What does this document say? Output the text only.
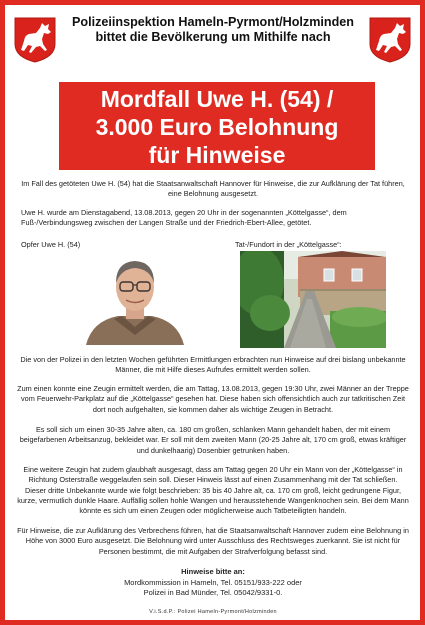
Polizeiinspektion Hameln-Pyrmont/Holzminden
bittet die Bevölkerung um Mithilfe nach
Mordfall Uwe H. (54) /
3.000 Euro Belohnung
für Hinweise
Im Fall des getöteten Uwe H. (54) hat die Staatsanwaltschaft Hannover für Hinweise, die zur Aufklärung der Tat führen, eine Belohnung ausgesetzt.
Uwe H. wurde am Dienstagabend, 13.08.2013, gegen 20 Uhr in der sogenannten „Köttelgasse“, dem Fuß-/Verbindungsweg zwischen der Langen Straße und der Friedrich-Ebert-Allee, getötet.
Opfer Uwe H. (54)	Tat-/Fundort in der „Köttelgasse“:
Die von der Polizei in den letzten Wochen geführten Ermittlungen erbrachten nun Hinweise auf drei bislang unbekannte Männer, die mit Hilfe dieses Aufrufes ermittelt werden sollen.
Zum einen konnte eine Zeugin ermittelt werden, die am Tattag, 13.08.2013, gegen 19:30 Uhr, zwei Männer an der Treppe vom Feuerwehr-Parkplatz auf die „Köttelgasse“ gesehen hat. Diese haben sich offensichtlich auch zur tatkritischen Zeit dort noch aufgehalten, sie kommen daher als wichtige Zeugen in Betracht.
Es soll sich um einen 30-35 Jahre alten, ca. 180 cm großen, schlanken Mann gehandelt haben, der mit einem beigefarbenen Arbeitsanzug, bekleidet war. Er soll mit dem zweiten Mann (20-25 Jahre alt, 170 cm groß, etwas kräftiger und dunkelhaarig) Dosenbier getrunken haben.
Eine weitere Zeugin hat zudem glaubhaft ausgesagt, dass am Tattag gegen 20 Uhr ein Mann von der „Köttelgasse“ in Richtung Osterstraße weggelaufen sein soll. Dieser Hinweis lässt auf einen Zusammenhang mit der Tat schließen. Dieser dritte Unbekannte wurde wie folgt beschrieben: 35 bis 40 Jahre alt, ca. 170 cm groß, leicht gedrungene Figur, kurze, vermutlich dunkle Haare. Auffällig sollen hohle Wangen und herausstehende Wangenknochen sein. Bei dem Mann könnte es sich um einen Zeugen oder möglicherweise auch Tatbeteiligten handeln.
Für Hinweise, die zur Aufklärung des Verbrechens führen, hat die Staatsanwaltschaft Hannover zudem eine Belohnung in Höhe von 3000 Euro ausgesetzt. Die Belohnung wird unter Ausschluss des Rechtsweges zuerkannt. Sie ist nicht für Personen bestimmt, die mit Aufgaben der Strafverfolgung befasst sind.
Hinweise bitte an:
Mordkommission in Hameln, Tel. 05151/933-222 oder
Polizei in Bad Münder, Tel. 05042/9331-0.
V.i.S.d.P.: Polizei Hameln-Pyrmont/Holzminden
